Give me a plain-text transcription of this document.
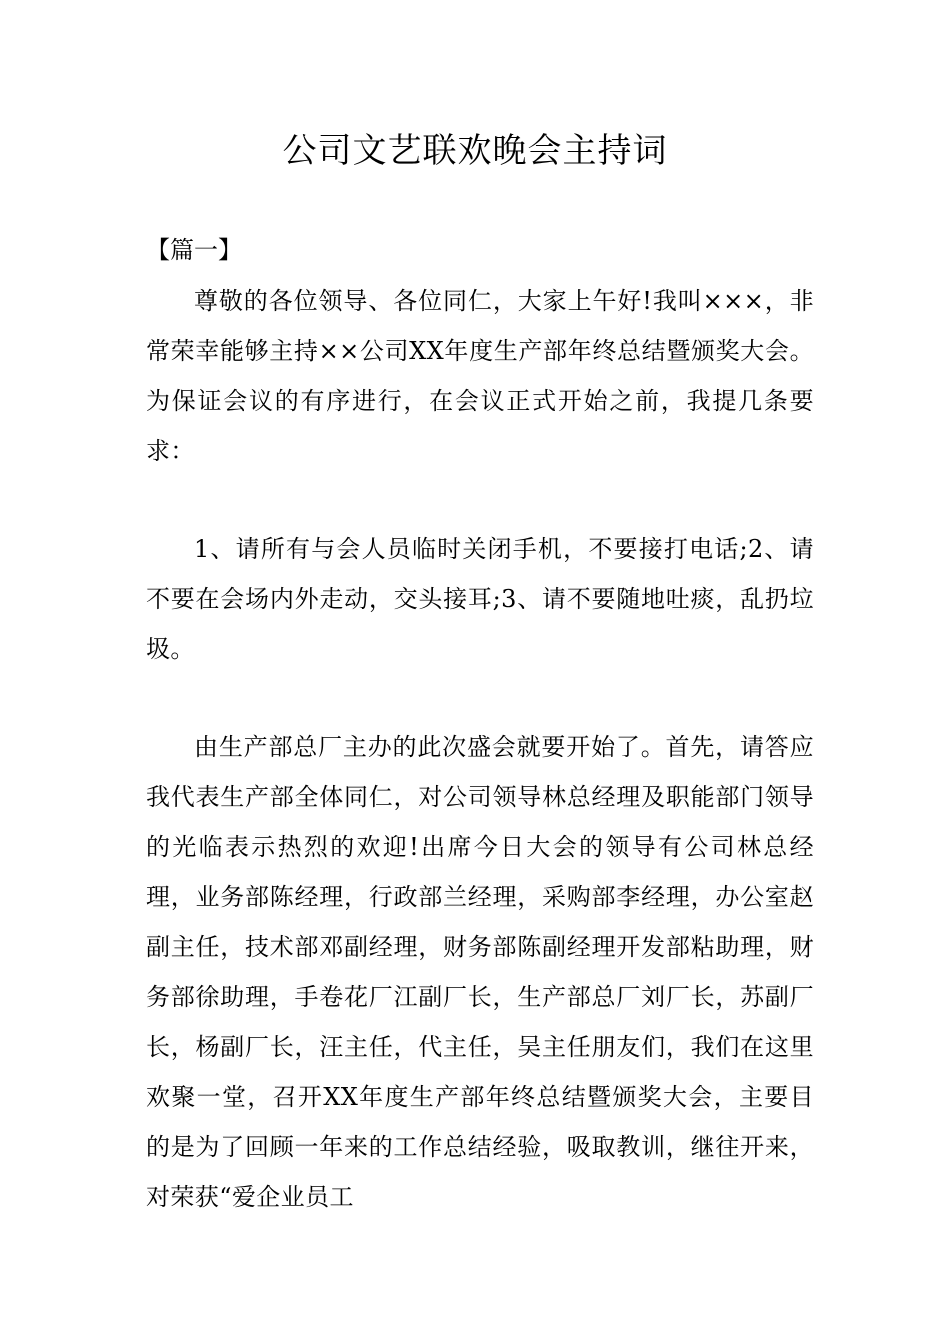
公司文艺联欢晚会主持词
【篇一】

尊敬的各位领导、各位同仁，大家上午好!我叫×××，非常荣幸能够主持××公司XX年度生产部年终总结暨颁奖大会。为保证会议的有序进行，在会议正式开始之前，我提几条要求：

1、请所有与会人员临时关闭手机，不要接打电话;2、请不要在会场内外走动，交头接耳;3、请不要随地吐痰，乱扔垃圾。

由生产部总厂主办的此次盛会就要开始了。首先，请答应我代表生产部全体同仁，对公司领导林总经理及职能部门领导的光临表示热烈的欢迎!出席今日大会的领导有公司林总经理，业务部陈经理，行政部兰经理，采购部李经理，办公室赵副主任，技术部邓副经理，财务部陈副经理开发部粘助理，财务部徐助理，手卷花厂江副厂长，生产部总厂刘厂长，苏副厂长，杨副厂长，汪主任，代主任，吴主任朋友们，我们在这里欢聚一堂，召开XX年度生产部年终总结暨颁奖大会，主要目的是为了回顾一年来的工作总结经验，吸取教训，继往开来，对荣获“爱企业员工
